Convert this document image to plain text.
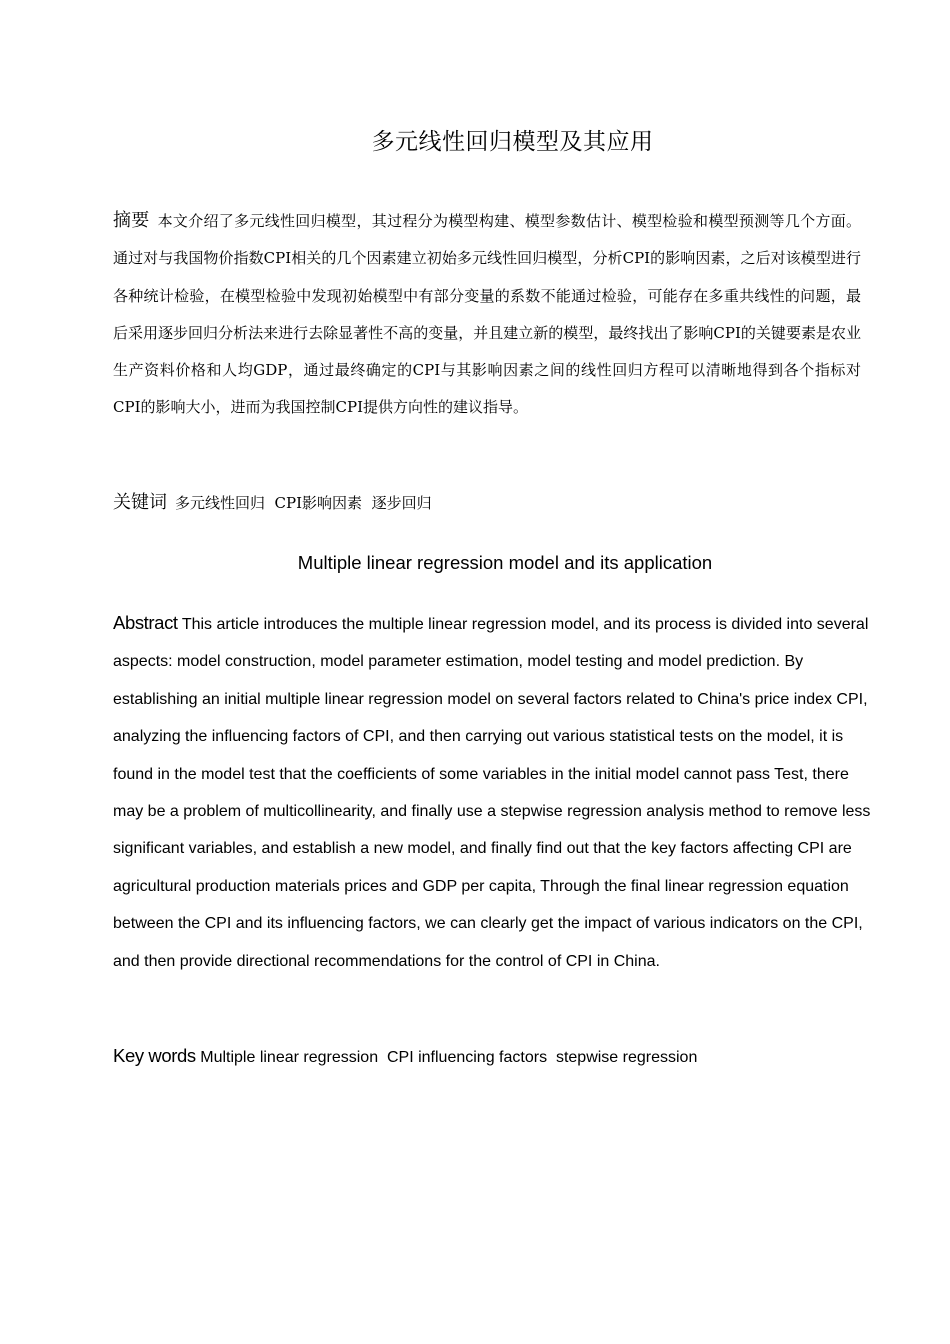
多元线性回归模型及其应用
摘要 本文介绍了多元线性回归模型，其过程分为模型构建、模型参数估计、模型检验和模型预测等几个方面。通过对与我国物价指数CPI相关的几个因素建立初始多元线性回归模型，分析CPI的影响因素，之后对该模型进行各种统计检验，在模型检验中发现初始模型中有部分变量的系数不能通过检验，可能存在多重共线性的问题，最后采用逐步回归分析法来进行去除显著性不高的变量，并且建立新的模型，最终找出了影响CPI的关键要素是农业生产资料价格和人均GDP，通过最终确定的CPI与其影响因素之间的线性回归方程可以清晰地得到各个指标对CPI的影响大小，进而为我国控制CPI提供方向性的建议指导。
关键词 多元线性回归  CPI影响因素  逐步回归
Multiple linear regression model and its application
Abstract This article introduces the multiple linear regression model, and its process is divided into several aspects: model construction, model parameter estimation, model testing and model prediction. By establishing an initial multiple linear regression model on several factors related to China's price index CPI, analyzing the influencing factors of CPI, and then carrying out various statistical tests on the model, it is found in the model test that the coefficients of some variables in the initial model cannot pass Test, there may be a problem of multicollinearity, and finally use a stepwise regression analysis method to remove less significant variables, and establish a new model, and finally find out that the key factors affecting CPI are agricultural production materials prices and GDP per capita, Through the final linear regression equation between the CPI and its influencing factors, we can clearly get the impact of various indicators on the CPI, and then provide directional recommendations for the control of CPI in China.
Key words Multiple linear regression  CPI influencing factors  stepwise regression
